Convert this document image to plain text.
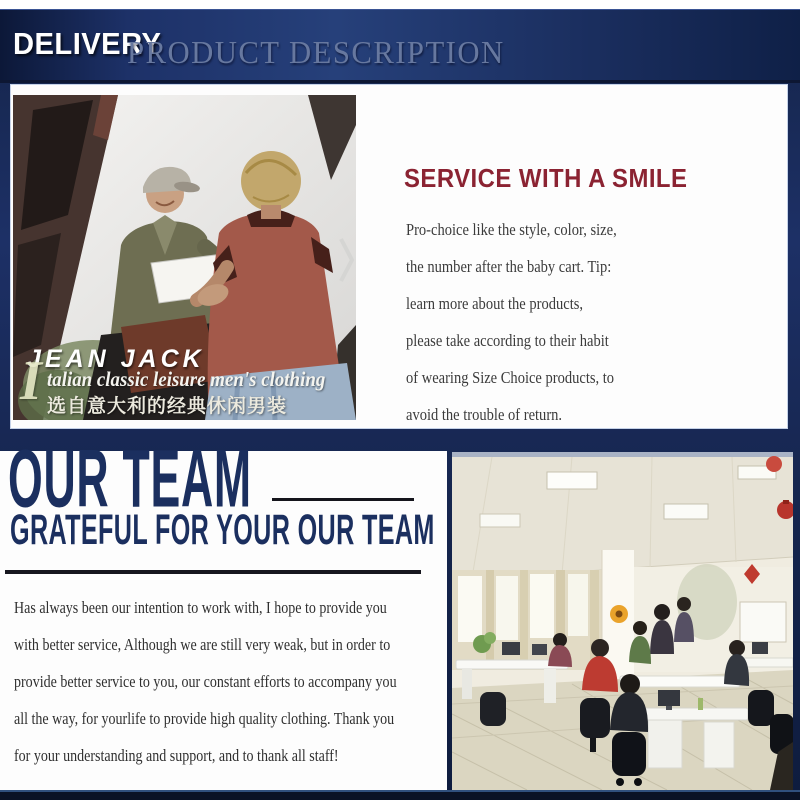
DELIVERY
PRODUCT DESCRIPTION
JEAN JACK
I talian classic leisure men's clothing
选自意大利的经典休闲男装
SERVICE WITH A SMILE
Pro-choice like the style, color, size,
the number after the baby cart. Tip:
learn more about the products,
please take according to their habit
of wearing Size Choice products, to
avoid the trouble of return.
OUR TEAM
GRATEFUL FOR YOUR OUR TEAM
Has always been our intention to work with, I hope to provide you
with better service, Although we are still very weak, but in order to
provide better service to you, our constant efforts to accompany you
all the way, for yourlife to provide high quality clothing. Thank you
for your understanding and support, and to thank all staff!
